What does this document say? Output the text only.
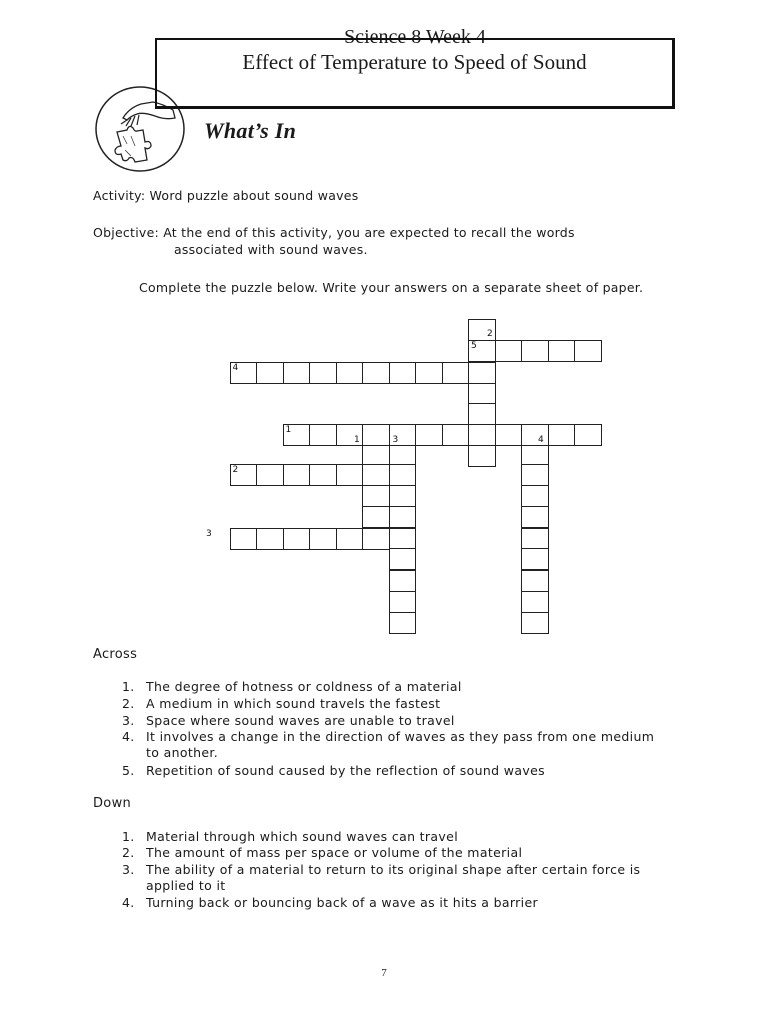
Science 8 Week 4
Effect of Temperature to Speed of Sound
What’s In
Activity: Word puzzle about sound waves
Objective: At the end of this activity, you are expected to recall the words
associated with sound waves.
Complete the puzzle below. Write your answers on a separate sheet of paper.
2
5
4
1
1	3	4
2
3
Across
1. The degree of hotness or coldness of a material
2. A medium in which sound travels the fastest
3. Space where sound waves are unable to travel
4. It involves a change in the direction of waves as they pass from one medium
to another.
5. Repetition of sound caused by the reflection of sound waves
Down
1. Material through which sound waves can travel
2. The amount of mass per space or volume of the material
3. The ability of a material to return to its original shape after certain force is
applied to it
4. Turning back or bouncing back of a wave as it hits a barrier
7
